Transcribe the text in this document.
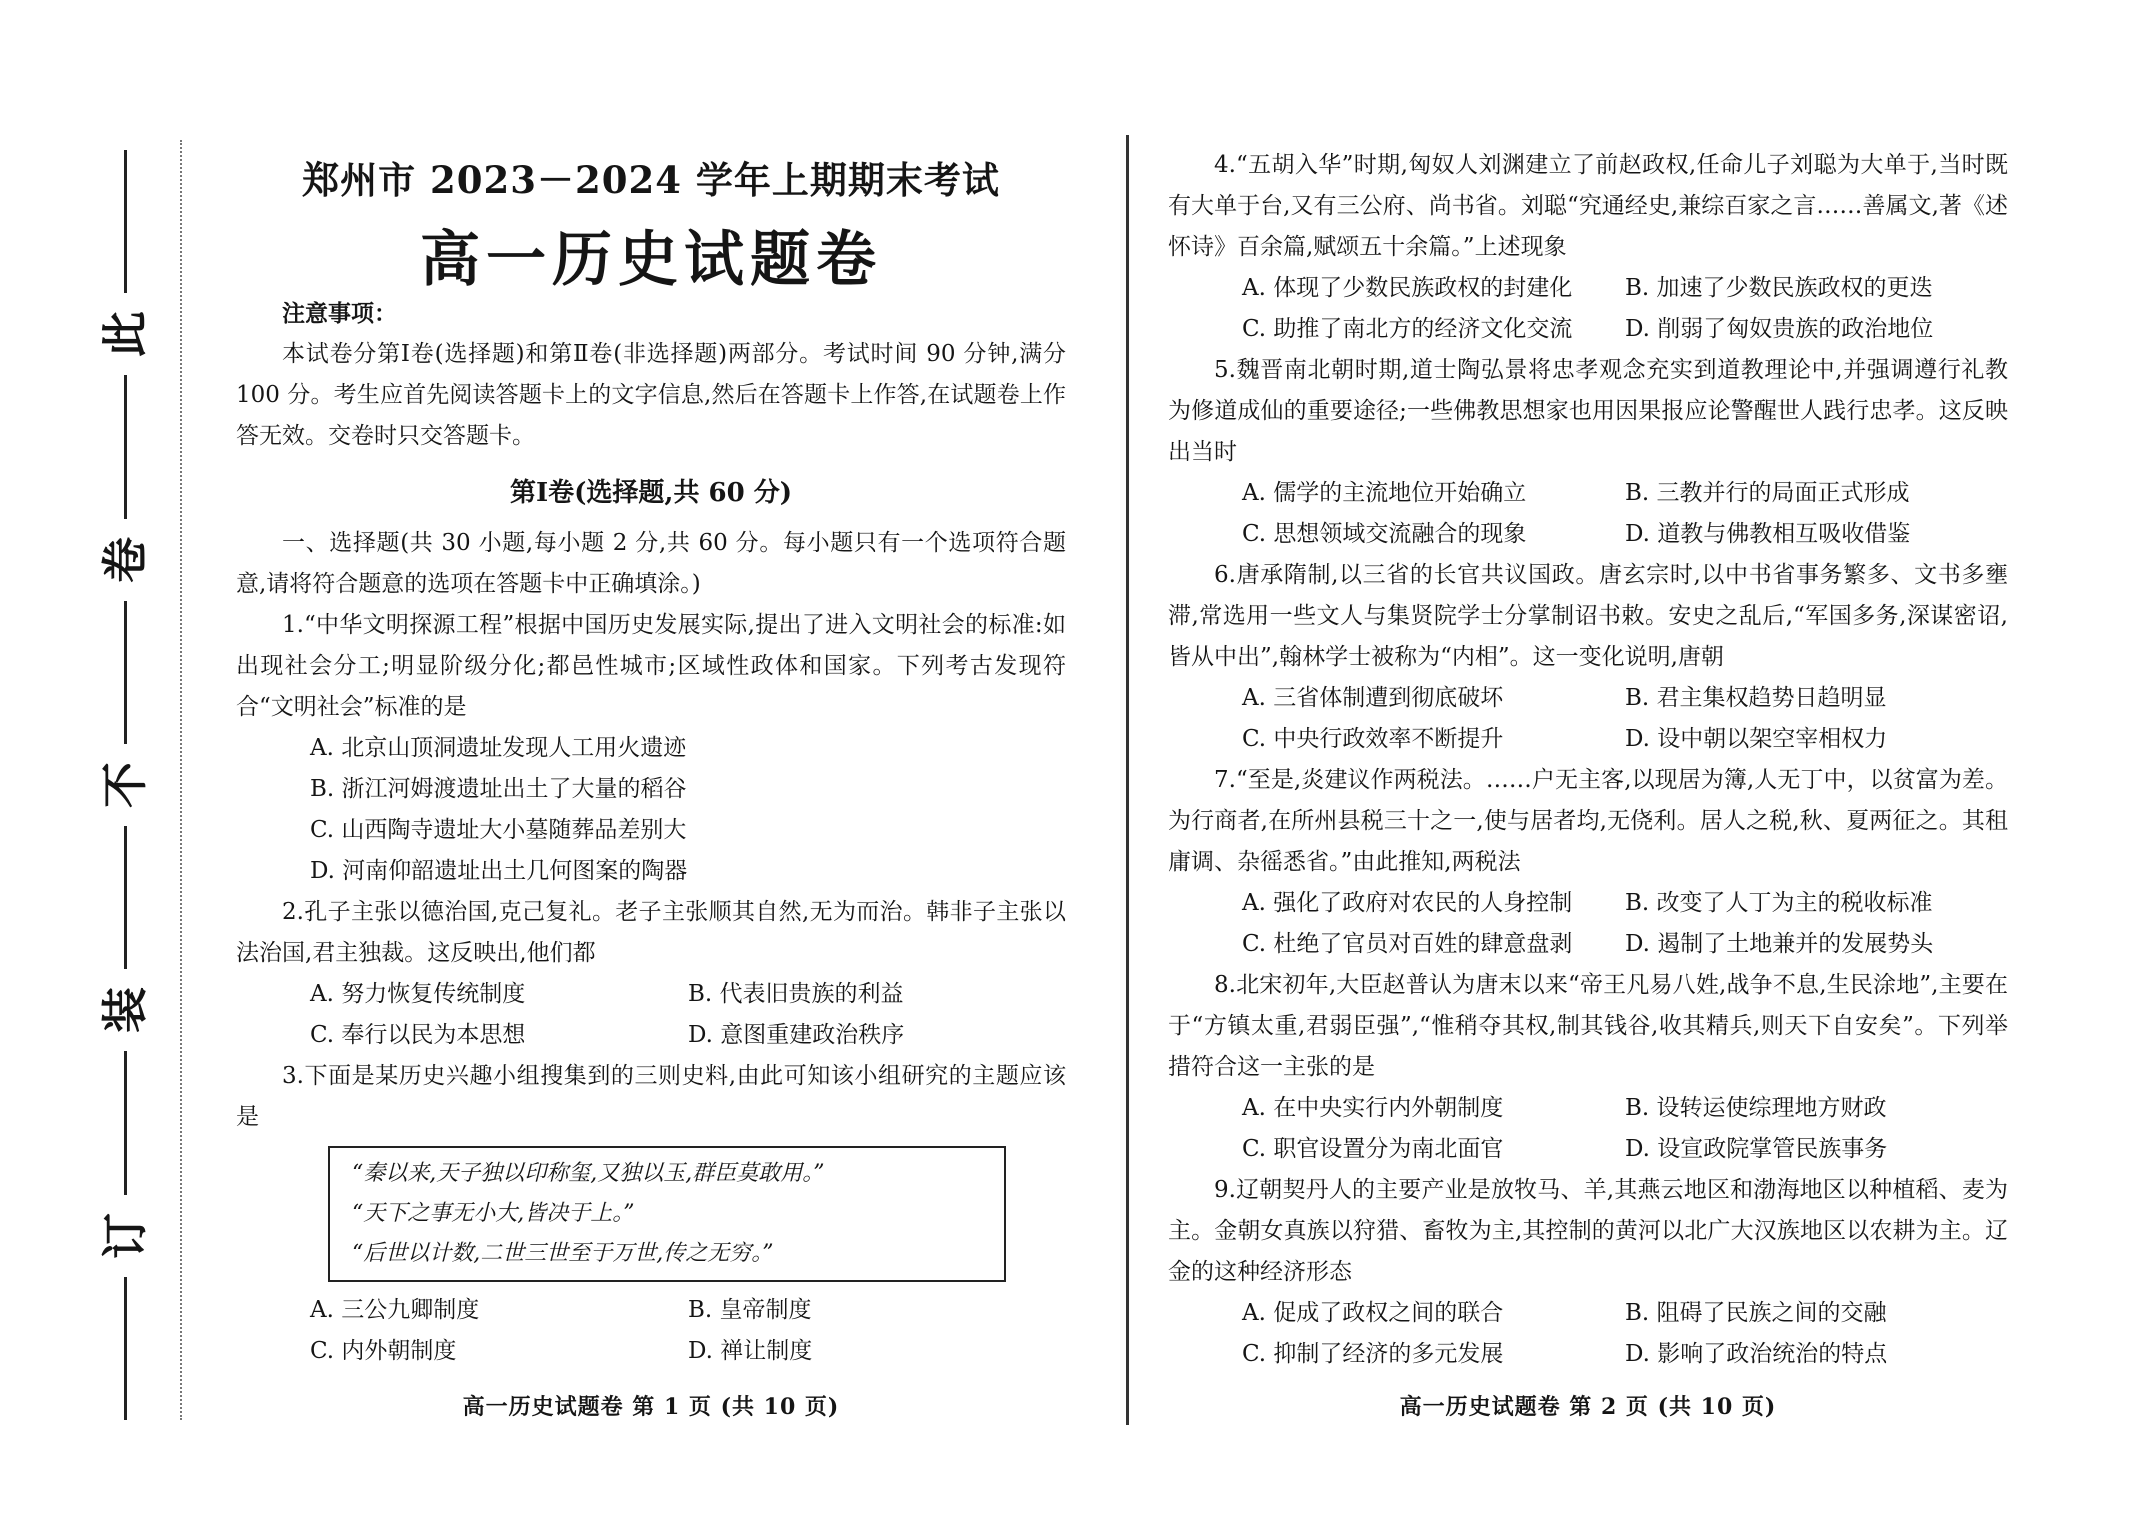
此
卷
不
装
订
郑州市 2023－2024 学年上期期末考试
高一历史试题卷

注意事项：

本试卷分第Ⅰ卷(选择题)和第Ⅱ卷(非选择题)两部分。考试时间 90 分钟,满分 100 分。考生应首先阅读答题卡上的文字信息,然后在答题卡上作答,在试题卷上作答无效。交卷时只交答题卡。

第Ⅰ卷(选择题,共 60 分)

一、选择题(共 30 小题,每小题 2 分,共 60 分。每小题只有一个选项符合题意,请将符合题意的选项在答题卡中正确填涂。)

1.“中华文明探源工程”根据中国历史发展实际,提出了进入文明社会的标准:如出现社会分工;明显阶级分化;都邑性城市;区域性政体和国家。下列考古发现符合“文明社会”标准的是

A. 北京山顶洞遗址发现人工用火遗迹
B. 浙江河姆渡遗址出土了大量的稻谷
C. 山西陶寺遗址大小墓随葬品差别大
D. 河南仰韶遗址出土几何图案的陶器

2.孔子主张以德治国,克己复礼。老子主张顺其自然,无为而治。韩非子主张以法治国,君主独裁。这反映出,他们都

A. 努力恢复传统制度	B. 代表旧贵族的利益
C. 奉行以民为本思想	D. 意图重建政治秩序

3.下面是某历史兴趣小组搜集到的三则史料,由此可知该小组研究的主题应该是

“秦以来,天子独以印称玺,又独以玉,群臣莫敢用。”
“天下之事无小大,皆决于上。”
“后世以计数,二世三世至于万世,传之无穷。”
A. 三公九卿制度	B. 皇帝制度
C. 内外朝制度	D. 禅让制度
高一历史试题卷 第 1 页 (共 10 页)

4.“五胡入华”时期,匈奴人刘渊建立了前赵政权,任命儿子刘聪为大单于,当时既有大单于台,又有三公府、尚书省。刘聪“究通经史,兼综百家之言……善属文,著《述怀诗》百余篇,赋颂五十余篇。”上述现象

A. 体现了少数民族政权的封建化	B. 加速了少数民族政权的更迭
C. 助推了南北方的经济文化交流	D. 削弱了匈奴贵族的政治地位

5.魏晋南北朝时期,道士陶弘景将忠孝观念充实到道教理论中,并强调遵行礼教为修道成仙的重要途径;一些佛教思想家也用因果报应论警醒世人践行忠孝。这反映出当时

A. 儒学的主流地位开始确立	B. 三教并行的局面正式形成
C. 思想领域交流融合的现象	D. 道教与佛教相互吸收借鉴

6.唐承隋制,以三省的长官共议国政。唐玄宗时,以中书省事务繁多、文书多壅滞,常选用一些文人与集贤院学士分掌制诏书敕。安史之乱后,“军国多务,深谋密诏,皆从中出”,翰林学士被称为“内相”。这一变化说明,唐朝

A. 三省体制遭到彻底破坏	B. 君主集权趋势日趋明显
C. 中央行政效率不断提升	D. 设中朝以架空宰相权力

7.“至是,炎建议作两税法。……户无主客,以现居为簿,人无丁中，以贫富为差。为行商者,在所州县税三十之一,使与居者均,无侥利。居人之税,秋、夏两征之。其租庸调、杂徭悉省。”由此推知,两税法

A. 强化了政府对农民的人身控制	B. 改变了人丁为主的税收标准
C. 杜绝了官员对百姓的肆意盘剥	D. 遏制了土地兼并的发展势头

8.北宋初年,大臣赵普认为唐末以来“帝王凡易八姓,战争不息,生民涂地”,主要在于“方镇太重,君弱臣强”,“惟稍夺其权,制其钱谷,收其精兵,则天下自安矣”。下列举措符合这一主张的是

A. 在中央实行内外朝制度	B. 设转运使综理地方财政
C. 职官设置分为南北面官	D. 设宣政院掌管民族事务

9.辽朝契丹人的主要产业是放牧马、羊,其燕云地区和渤海地区以种植稻、麦为主。金朝女真族以狩猎、畜牧为主,其控制的黄河以北广大汉族地区以农耕为主。辽金的这种经济形态

A. 促成了政权之间的联合	B. 阻碍了民族之间的交融
C. 抑制了经济的多元发展	D. 影响了政治统治的特点
高一历史试题卷 第 2 页 (共 10 页)
